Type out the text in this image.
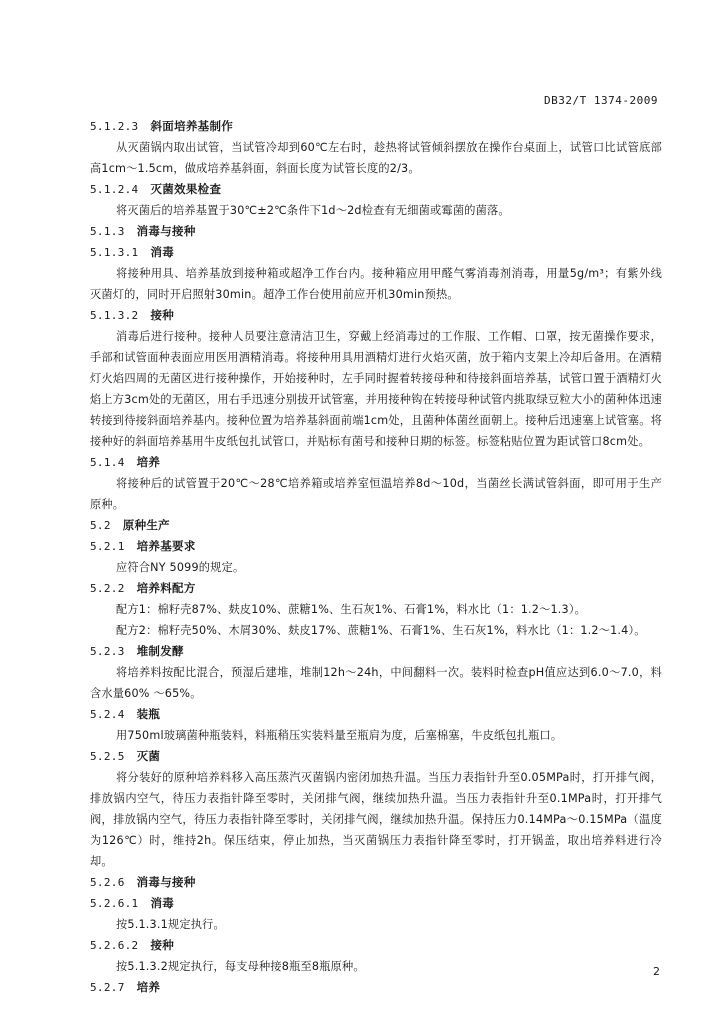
DB32/T 1374-2009
5.1.2.3 斜面培养基制作
从灭菌锅内取出试管，当试管冷却到60℃左右时，趁热将试管倾斜摆放在操作台桌面上，试管口比试管底部高1cm～1.5cm，做成培养基斜面，斜面长度为试管长度的2/3。
5.1.2.4 灭菌效果检查
将灭菌后的培养基置于30℃±2℃条件下1d～2d检查有无细菌或霉菌的菌落。
5.1.3 消毒与接种
5.1.3.1 消毒
将接种用具、培养基放到接种箱或超净工作台内。接种箱应用甲醛气雾消毒剂消毒，用量5g/m³；有紫外线灭菌灯的，同时开启照射30min。超净工作台使用前应开机30min预热。
5.1.3.2 接种
消毒后进行接种。接种人员要注意清洁卫生，穿戴上经消毒过的工作服、工作帽、口罩，按无菌操作要求，手部和试管面种表面应用医用酒精消毒。将接种用具用酒精灯进行火焰灭菌，放于箱内支架上冷却后备用。在酒精灯火焰四周的无菌区进行接种操作，开始接种时，左手同时握着转接母种和待接斜面培养基，试管口置于酒精灯火焰上方3cm处的无菌区，用右手迅速分别拔开试管塞，并用接种钩在转接母种试管内挑取绿豆粒大小的菌种体迅速转接到待接斜面培养基内。接种位置为培养基斜面前端1cm处，且菌种体菌丝面朝上。接种后迅速塞上试管塞。将接种好的斜面培养基用牛皮纸包扎试管口，并贴标有菌号和接种日期的标签。标签粘贴位置为距试管口8cm处。
5.1.4 培养
将接种后的试管置于20℃～28℃培养箱或培养室恒温培养8d～10d，当菌丝长满试管斜面，即可用于生产原种。
5.2 原种生产
5.2.1 培养基要求
应符合NY 5099的规定。
5.2.2 培养料配方
配方1：棉籽壳87%、麸皮10%、蔗糖1%、生石灰1%、石膏1%，料水比（1：1.2～1.3）。
配方2：棉籽壳50%、木屑30%、麸皮17%、蔗糖1%、石膏1%、生石灰1%，料水比（1：1.2～1.4）。
5.2.3 堆制发酵
将培养料按配比混合，预湿后建堆，堆制12h～24h，中间翻料一次。装料时检查pH值应达到6.0～7.0，料含水量60% ～65%。
5.2.4 装瓶
用750ml玻璃菌种瓶装料，料瓶稍压实装料量至瓶肩为度，后塞棉塞，牛皮纸包扎瓶口。
5.2.5 灭菌
将分装好的原种培养料移入高压蒸汽灭菌锅内密闭加热升温。当压力表指针升至0.05MPa时，打开排气阀，排放锅内空气，待压力表指针降至零时，关闭排气阀，继续加热升温。当压力表指针升至0.1MPa时，打开排气阀，排放锅内空气，待压力表指针降至零时，关闭排气阀，继续加热升温。保持压力0.14MPa～0.15MPa（温度为126℃）时，维持2h。保压结束，停止加热，当灭菌锅压力表指针降至零时，打开锅盖，取出培养料进行冷却。
5.2.6 消毒与接种
5.2.6.1 消毒
按5.1.3.1规定执行。
5.2.6.2 接种
按5.1.3.2规定执行，每支母种接8瓶至8瓶原种。
5.2.7 培养
2
